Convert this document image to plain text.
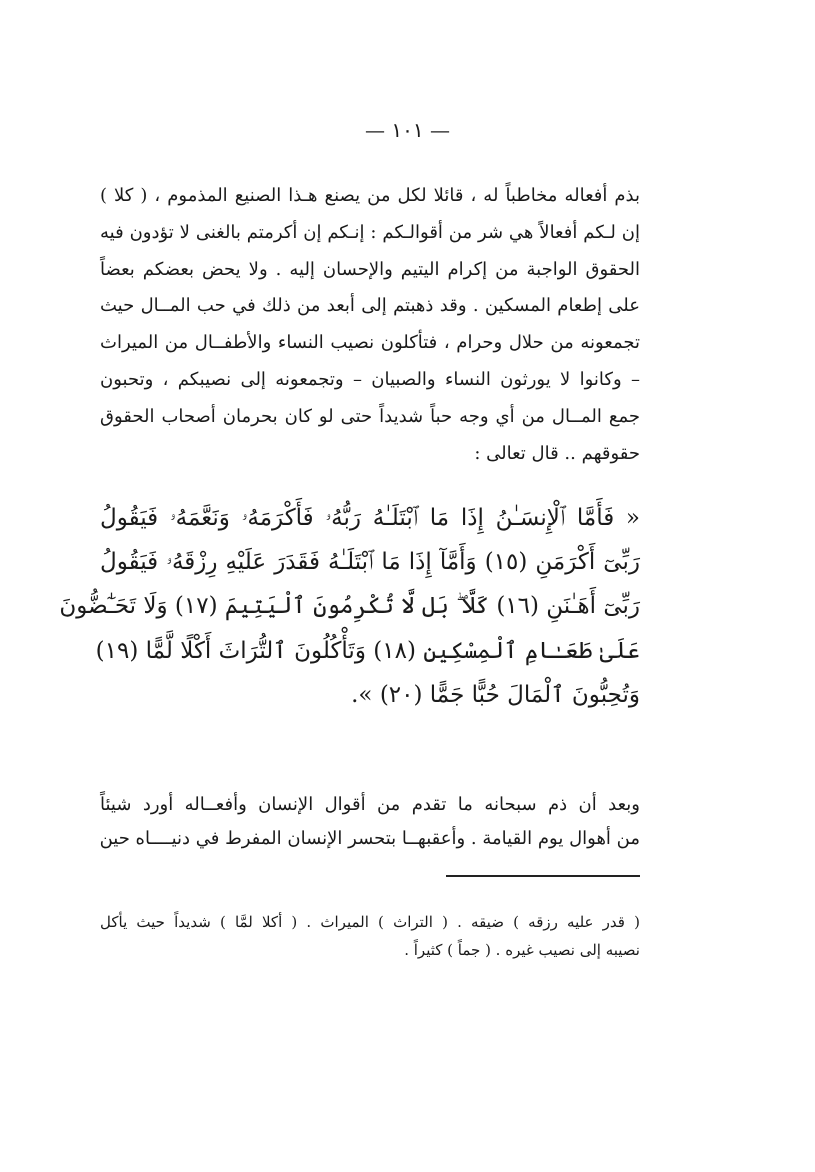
— ١٠١ —

بذم أفعاله مخاطباً له ، قائلا لكل من يصنع هـذا الصنيع المذموم ، ( كلا )
إن لـكم أفعالاً هي شر من أقوالـكم : إنـكم إن أكرمتم بالغنى لا تؤدون فيه
الحقوق الواجبة من إكرام اليتيم والإحسان إليه . ولا يحض بعضكم بعضاً
على إطعام المسكين . وقد ذهبتم إلى أبعد من ذلك في حب المــال حيث
تجمعونه من حلال وحرام ، فتأكلون نصيب النساء والأطفــال من الميراث
– وكانوا لا يورثون النساء والصبيان – وتجمعونه إلى نصيبكم ، وتحبون
جمع المــال من أي وجه حباً شديداً حتى لو كان بحرمان أصحاب الحقوق
حقوقهم .. قال تعالى :

« فَأَمَّا ٱلْإِنسَـٰنُ إِذَا مَا ٱبْتَلَـٰهُ رَبُّهُۥ فَأَكْرَمَهُۥ وَنَعَّمَهُۥ فَيَقُولُ
رَبِّىٓ أَكْرَمَنِ (١٥) وَأَمَّآ إِذَا مَا ٱبْتَلَـٰهُ فَقَدَرَ عَلَيْهِ رِزْقَهُۥ فَيَقُولُ
رَبِّىٓ أَهَـٰنَنِ (١٦) كَلَّا ۖ بَل لَّا تُكْرِمُونَ ٱلْيَتِيمَ (١٧) وَلَا تَحَـٰٓضُّونَ
عَلَىٰ طَعَـٰامِ ٱلْمِسْكِينِ (١٨) وَتَأْكُلُونَ ٱلتُّرَاثَ أَكْلًا لَّمًّا (١٩)
وَتُحِبُّونَ ٱلْمَالَ حُبًّا جَمًّا (٢٠) ».

وبعد أن ذم سبحانه ما تقدم من أقوال الإنسان وأفعــاله أورد شيئاً
من أهوال يوم القيامة . وأعقبهــا بتحسر الإنسان المفرط في دنيــــاه حين

( قدر عليه رزقه ) ضيقه . ( التراث ) الميراث . ( أكلا لمَّا ) شديداً حيث يأكل
نصيبه إلى نصيب غيره . ( جماً ) كثيراً .
